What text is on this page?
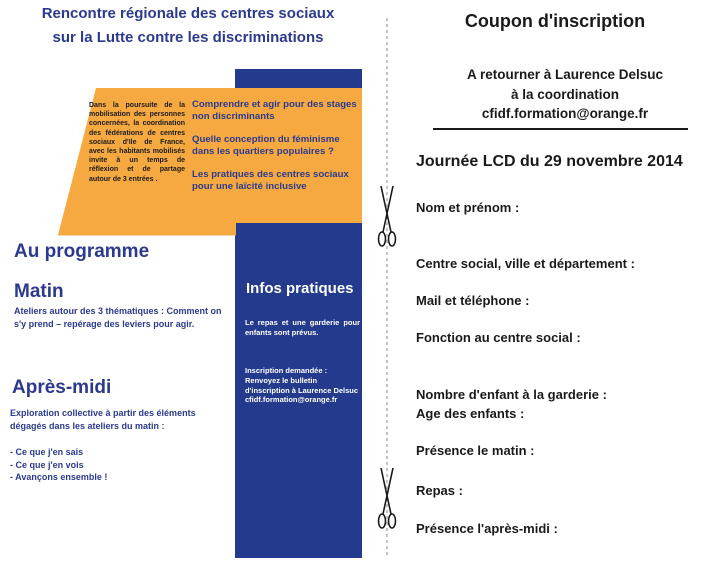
Rencontre régionale des centres sociaux
sur la Lutte contre les discriminations
Dans la poursuite de la mobilisation des personnes concernées, la coordination des fédérations de centres sociaux d'Ile de France, avec les habitants mobilisés invite à un temps de réflexion et de partage autour de 3 entrées .

Comprendre et agir pour des stages non discriminants

Quelle conception du féminisme dans les quartiers populaires ?

Les pratiques des centres sociaux pour une laïcité inclusive

Au programme
Matin
Ateliers autour des 3 thématiques : Comment on s'y prend – repérage des leviers pour agir.
Après-midi
Exploration collective à partir des éléments dégagés dans les ateliers du matin :
- Ce que j'en sais
- Ce que j'en vois
- Avançons ensemble !
Infos pratiques
Le repas et une garderie pour enfants sont prévus.
Inscription demandée : Renvoyez le bulletin d'inscription à Laurence Delsuc cfidf.formation@orange.fr
Coupon d'inscription
A retourner à Laurence Delsuc
à la coordination
cfidf.formation@orange.fr
Journée LCD du 29 novembre 2014
Nom et prénom :
Centre social, ville et département :
Mail et téléphone :
Fonction au centre social :
Nombre d'enfant à la garderie :
Age des enfants :
Présence le matin :
Repas :
Présence l'après-midi :
